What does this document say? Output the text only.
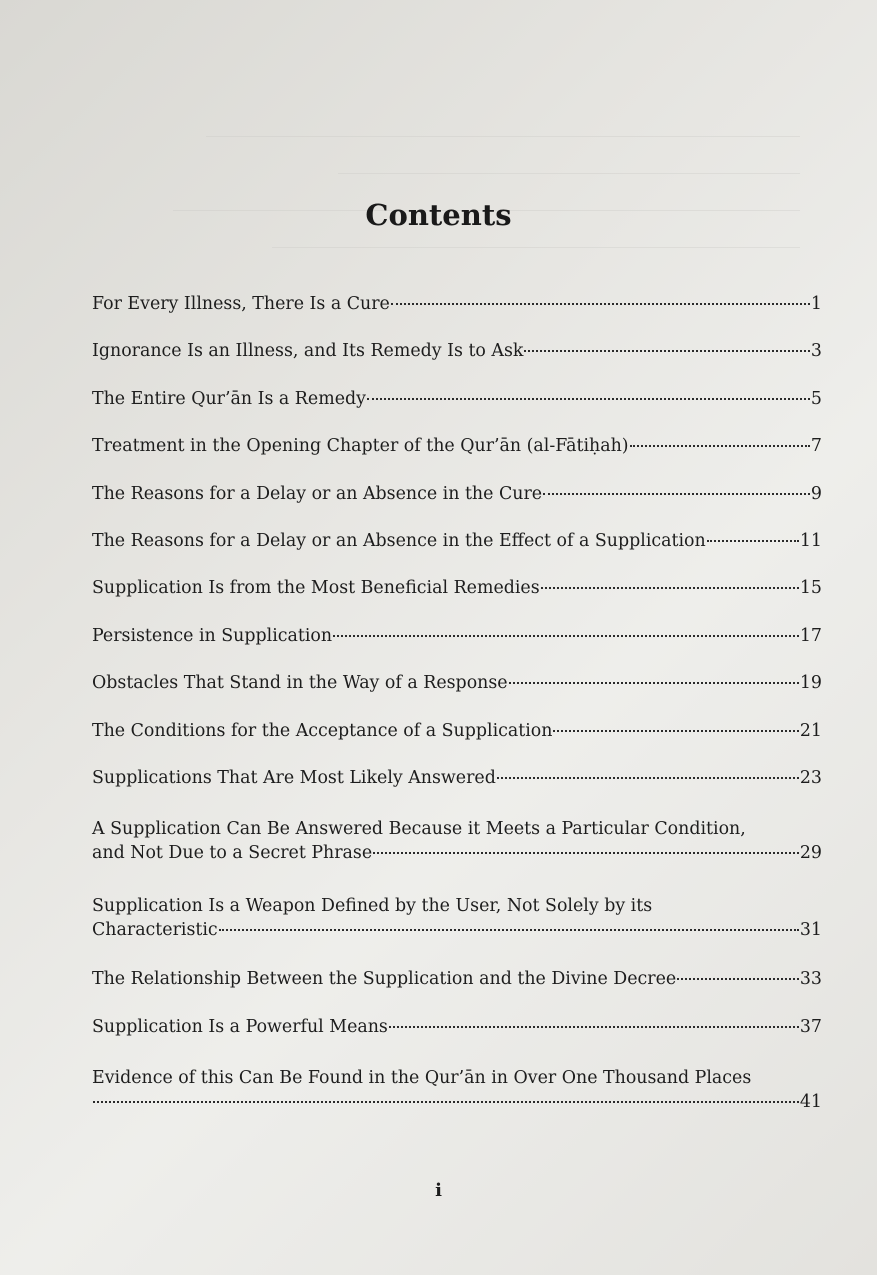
Contents
For Every Illness, There Is a Cure	1
Ignorance Is an Illness, and Its Remedy Is to Ask	3
The Entire Qur’ān Is a Remedy	5
Treatment in the Opening Chapter of the Qur’ān (al-Fātiḥah)	7
The Reasons for a Delay or an Absence in the Cure	9
The Reasons for a Delay or an Absence in the Effect of a Supplication	11
Supplication Is from the Most Beneficial Remedies	15
Persistence in Supplication	17
Obstacles That Stand in the Way of a Response	19
The Conditions for the Acceptance of a Supplication	21
Supplications That Are Most Likely Answered	23
A Supplication Can Be Answered Because it Meets a Particular Condition,
and Not Due to a Secret Phrase	29
Supplication Is a Weapon Defined by the User, Not Solely by its
Characteristic	31
The Relationship Between the Supplication and the Divine Decree	33
Supplication Is a Powerful Means	37
Evidence of this Can Be Found in the Qur’ān in Over One Thousand Places
41

i
